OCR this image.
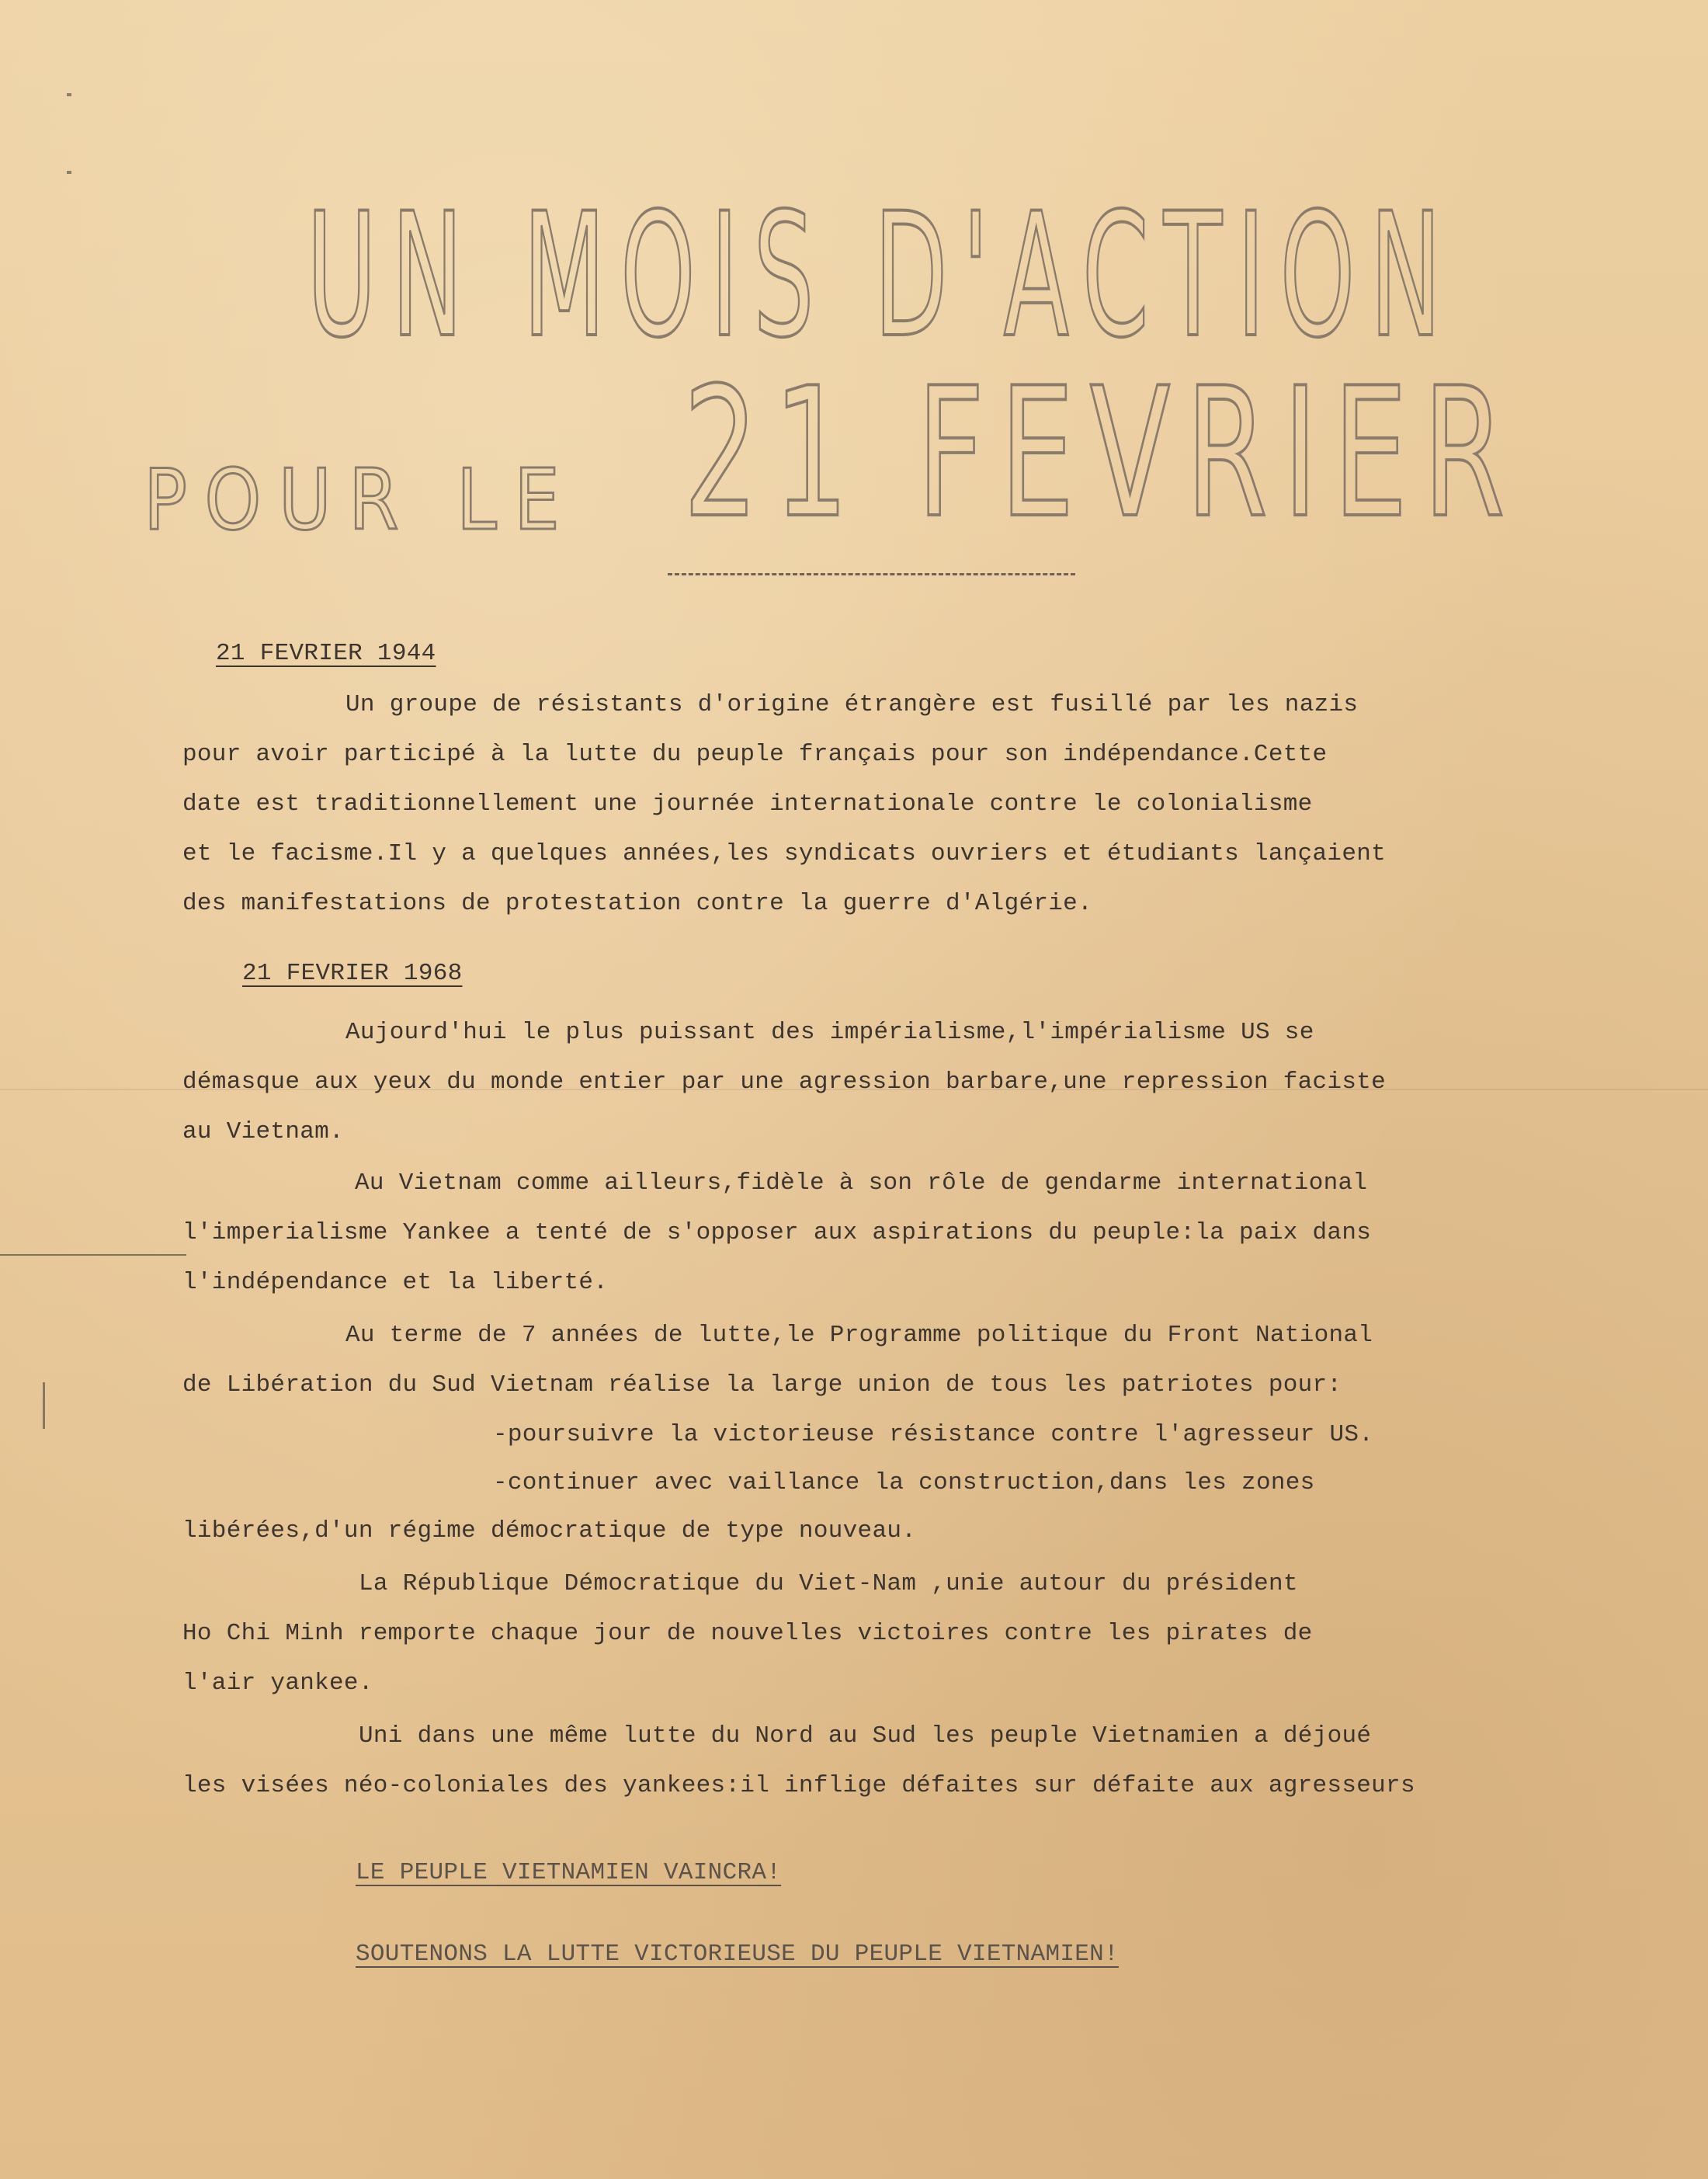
UN MOIS D'ACTION
POUR LE 21 FEVRIER
21 FEVRIER 1944
Un groupe de résistants d'origine étrangère est fusillé par les nazis
pour avoir participé à la lutte du peuple français pour son indépendance.Cette
date est traditionnellement une journée internationale contre le colonialisme
et le facisme.Il y a quelques années,les syndicats ouvriers et étudiants lançaient
des manifestations de protestation contre la guerre d'Algérie.
21 FEVRIER 1968
Aujourd'hui le plus puissant des impérialisme,l'impérialisme US se
démasque aux yeux du monde entier par une agression barbare,une repression faciste
au Vietnam.
Au Vietnam comme ailleurs,fidèle à son rôle de gendarme international
l'imperialisme Yankee a tenté de s'opposer aux aspirations du peuple:la paix dans
l'indépendance et la liberté.
Au terme de 7 années de lutte,le Programme politique du Front National
de Libération du Sud Vietnam réalise la large union de tous les patriotes pour:
-poursuivre la victorieuse résistance contre l'agresseur US.
-continuer avec vaillance la construction,dans les zones
libérées,d'un régime démocratique de type nouveau.
La République Démocratique du Viet-Nam ,unie autour du président
Ho Chi Minh remporte chaque jour de nouvelles victoires contre les pirates de
l'air yankee.
Uni dans une même lutte du Nord au Sud les peuple Vietnamien a déjoué
les visées néo-coloniales des yankees:il inflige défaites sur défaite aux agresseurs
LE PEUPLE VIETNAMIEN VAINCRA!
SOUTENONS LA LUTTE VICTORIEUSE DU PEUPLE VIETNAMIEN!
